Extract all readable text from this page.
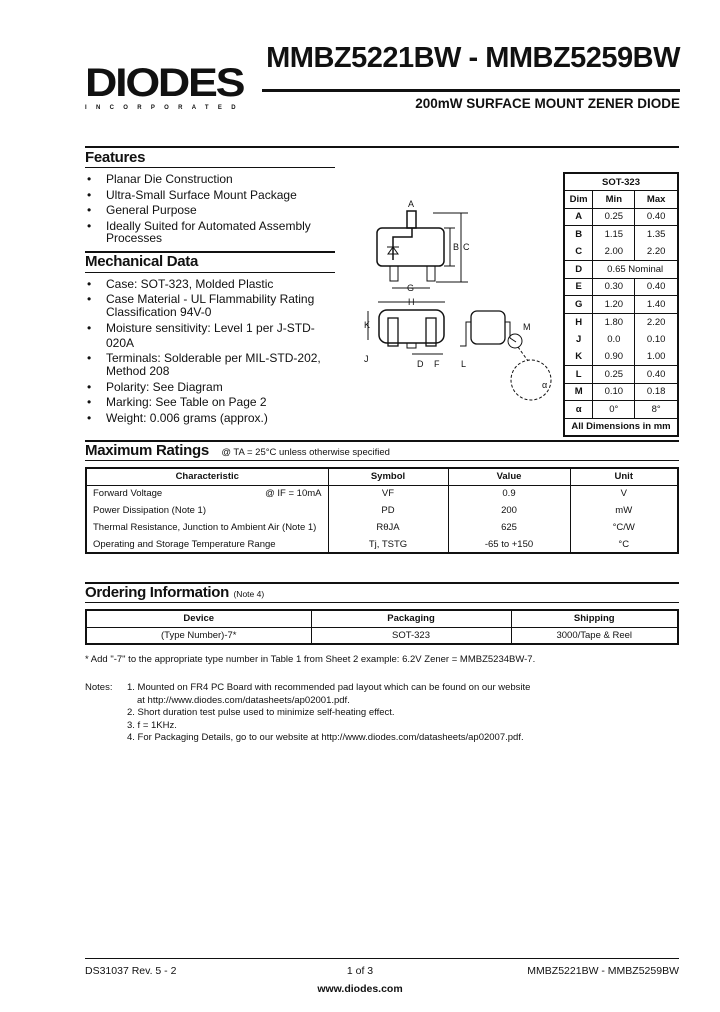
DIODES
INCORPORATED
MMBZ5221BW - MMBZ5259BW
200mW SURFACE MOUNT ZENER DIODE
Features
• Planar Die Construction
• Ultra-Small Surface Mount Package
• General Purpose
• Ideally Suited for Automated Assembly Processes
Mechanical Data
• Case: SOT-323, Molded Plastic
• Case Material - UL Flammability Rating Classification 94V-0
• Moisture sensitivity: Level 1 per J-STD-020A
• Terminals: Solderable per MIL-STD-202, Method 208
• Polarity: See Diagram
• Marking: See Table on Page 2
• Weight: 0.006 grams (approx.)
B C
A
G
H
K
J	D F L
M
α
SOT-323		
Dim	Min	Max
A	0.25	0.40
B	1.15	1.35
C	2.00	2.20
D	0.65 Nominal	
E	0.30	0.40
G	1.20	1.40
H	1.80	2.20
J	0.0	0.10
K	0.90	1.00
L	0.25	0.40
M	0.10	0.18
α	0°	8°
All Dimensions in mm		
Maximum Ratings @ TA = 25°C unless otherwise specified
Characteristic	Symbol	Value	Unit
Forward Voltage @ IF = 10mA	VF	0.9	V
Power Dissipation (Note 1)	PD	200	mW
Thermal Resistance, Junction to Ambient Air (Note 1)	RθJA	625	°C/W
Operating and Storage Temperature Range	Tj, TSTG	-65 to +150	°C
Ordering Information (Note 4)
Device	Packaging	Shipping
(Type Number)-7*	SOT-323	3000/Tape & Reel
* Add "-7" to the appropriate type number in Table 1 from Sheet 2 example: 6.2V Zener = MMBZ5234BW-7.
Notes: 1. Mounted on FR4 PC Board with recommended pad layout which can be found on our website
at http://www.diodes.com/datasheets/ap02001.pdf.
2. Short duration test pulse used to minimize self-heating effect.
3. f = 1KHz.
4. For Packaging Details, go to our website at http://www.diodes.com/datasheets/ap02007.pdf.
DS31037 Rev. 5 - 2	1 of 3	MMBZ5221BW - MMBZ5259BW
www.diodes.com
